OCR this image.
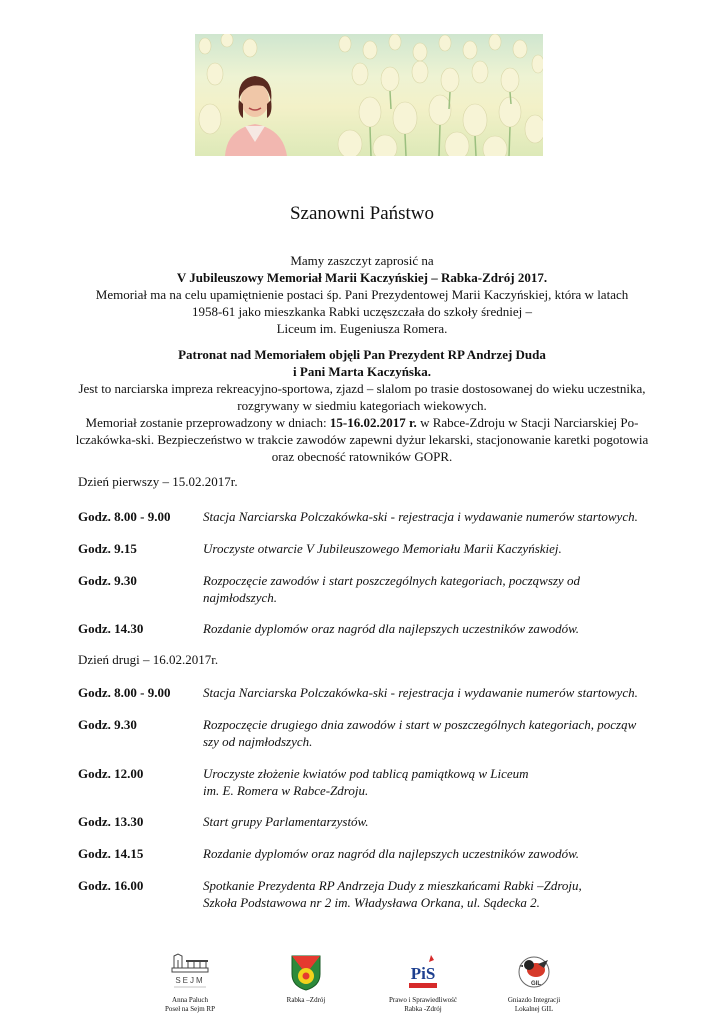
Szanowni Państwo
Mamy zaszczyt zaprosić na
V Jubileuszowy Memoriał Marii Kaczyńskiej – Rabka-Zdrój 2017.
Memoriał ma na celu upamiętnienie postaci śp. Pani Prezydentowej Marii Kaczyńskiej, która w latach
1958-61 jako mieszkanka Rabki uczęszczała do szkoły średniej –
Liceum im. Eugeniusza Romera.
Patronat nad Memoriałem objęli Pan Prezydent RP Andrzej Duda
i Pani Marta Kaczyńska.
Jest to narciarska impreza rekreacyjno-sportowa, zjazd – slalom po trasie dostosowanej do wieku uczestnika,
rozgrywany w siedmiu kategoriach wiekowych.
Memoriał zostanie przeprowadzony w dniach: 15-16.02.2017 r. w Rabce-Zdroju w Stacji Narciarskiej Po-
lczakówka-ski. Bezpieczeństwo w trakcie zawodów zapewni dyżur lekarski, stacjonowanie karetki pogotowia
oraz obecność ratowników GOPR.
Dzień pierwszy – 15.02.2017r.
Godz. 8.00 - 9.00	Stacja Narciarska Polczakówka-ski - rejestracja i wydawanie numerów startowych.
Godz. 9.15	Uroczyste otwarcie V Jubileuszowego Memoriału Marii Kaczyńskiej.
Godz. 9.30	Rozpoczęcie zawodów i start poszczególnych kategoriach, począwszy od
najmłodszych.
Godz. 14.30	Rozdanie dyplomów oraz nagród dla najlepszych uczestników zawodów.
Dzień drugi – 16.02.2017r.
Godz. 8.00 - 9.00	Stacja Narciarska Polczakówka-ski - rejestracja i wydawanie numerów startowych.
Godz. 9.30	Rozpoczęcie drugiego dnia zawodów i start w poszczególnych kategoriach, począw
szy od najmłodszych.
Godz. 12.00	Uroczyste złożenie kwiatów pod tablicą pamiątkową w Liceum
im. E. Romera w Rabce-Zdroju.
Godz. 13.30	Start grupy Parlamentarzystów.
Godz. 14.15	Rozdanie dyplomów oraz nagród dla najlepszych uczestników zawodów.
Godz. 16.00	Spotkanie Prezydenta RP Andrzeja Dudy z mieszkańcami Rabki –Zdroju,
Szkoła Podstawowa nr 2 im. Władysława Orkana, ul. Sądecka 2.
SEJM
Anna Paluch
Poseł na Sejm RP
Rabka –Zdrój
PiS
Prawo i Sprawiedliwość
Rabka -Zdrój
GIL
Gniazdo Integracji
Lokalnej GIL
